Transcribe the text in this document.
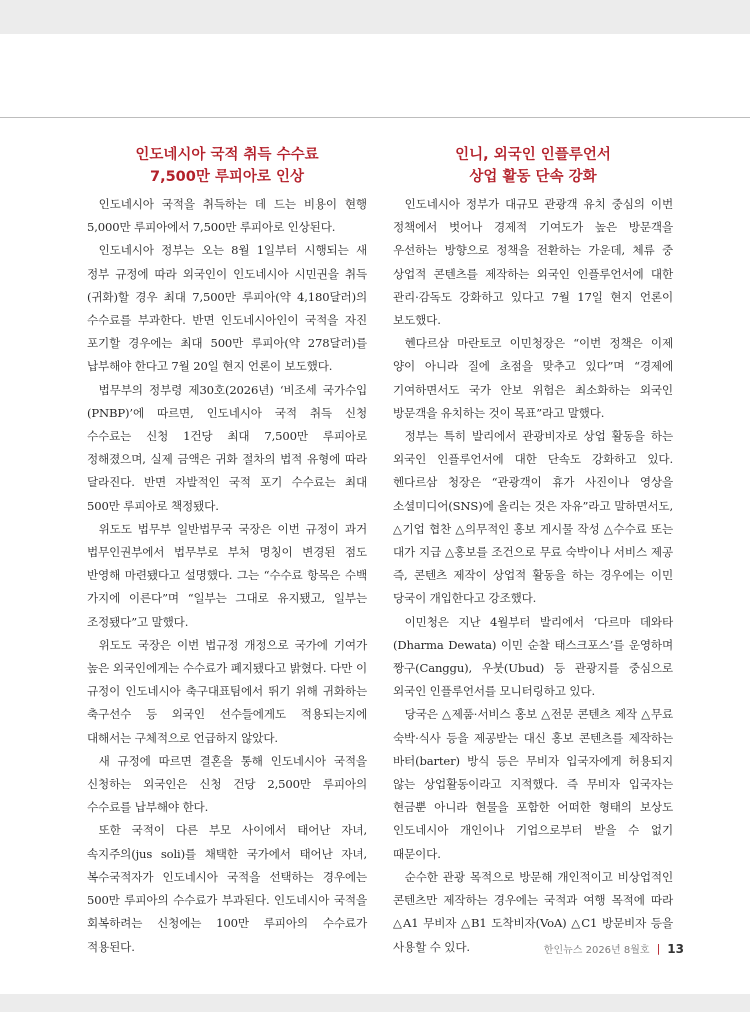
인도네시아 국적 취득 수수료
7,500만 루피아로 인상

인도네시아 국적을 취득하는 데 드는 비용이 현행 5,000만 루피아에서 7,500만 루피아로 인상된다.

인도네시아 정부는 오는 8월 1일부터 시행되는 새 정부 규정에 따라 외국인이 인도네시아 시민권을 취득(귀화)할 경우 최대 7,500만 루피아(약 4,180달러)의 수수료를 부과한다. 반면 인도네시아인이 국적을 자진 포기할 경우에는 최대 500만 루피아(약 278달러)를 납부해야 한다고 7월 20일 현지 언론이 보도했다.

법무부의 정부령 제30호(2026년) ‘비조세 국가수입(PNBP)’에 따르면, 인도네시아 국적 취득 신청 수수료는 신청 1건당 최대 7,500만 루피아로 정해졌으며, 실제 금액은 귀화 절차의 법적 유형에 따라 달라진다. 반면 자발적인 국적 포기 수수료는 최대 500만 루피아로 책정됐다.

위도도 법무부 일반법무국 국장은 이번 규정이 과거 법무인권부에서 법무부로 부처 명칭이 변경된 점도 반영해 마련됐다고 설명했다. 그는 “수수료 항목은 수백 가지에 이른다”며 “일부는 그대로 유지됐고, 일부는 조정됐다”고 말했다.

위도도 국장은 이번 법규정 개정으로 국가에 기여가 높은 외국인에게는 수수료가 폐지됐다고 밝혔다. 다만 이 규정이 인도네시아 축구대표팀에서 뛰기 위해 귀화하는 축구선수 등 외국인 선수들에게도 적용되는지에 대해서는 구체적으로 언급하지 않았다.

새 규정에 따르면 결혼을 통해 인도네시아 국적을 신청하는 외국인은 신청 건당 2,500만 루피아의 수수료를 납부해야 한다.

또한 국적이 다른 부모 사이에서 태어난 자녀, 속지주의(jus soli)를 채택한 국가에서 태어난 자녀, 복수국적자가 인도네시아 국적을 선택하는 경우에는 500만 루피아의 수수료가 부과된다. 인도네시아 국적을 회복하려는 신청에는 100만 루피아의 수수료가 적용된다.

인니, 외국인 인플루언서
상업 활동 단속 강화

인도네시아 정부가 대규모 관광객 유치 중심의 이번 정책에서 벗어나 경제적 기여도가 높은 방문객을 우선하는 방향으로 정책을 전환하는 가운데, 체류 중 상업적 콘텐츠를 제작하는 외국인 인플루언서에 대한 관리·감독도 강화하고 있다고 7월 17일 현지 언론이 보도했다.

헨다르삼 마란토코 이민청장은 “이번 정책은 이제 양이 아니라 질에 초점을 맞추고 있다”며 “경제에 기여하면서도 국가 안보 위험은 최소화하는 외국인 방문객을 유치하는 것이 목표”라고 말했다.

정부는 특히 발리에서 관광비자로 상업 활동을 하는 외국인 인플루언서에 대한 단속도 강화하고 있다. 헨다르삼 청장은 “관광객이 휴가 사진이나 영상을 소셜미디어(SNS)에 올리는 것은 자유”라고 말하면서도, △기업 협찬 △의무적인 홍보 게시물 작성 △수수료 또는 대가 지급 △홍보를 조건으로 무료 숙박이나 서비스 제공 즉, 콘텐츠 제작이 상업적 활동을 하는 경우에는 이민 당국이 개입한다고 강조했다.

이민청은 지난 4월부터 발리에서 ‘다르마 데와타(Dharma Dewata) 이민 순찰 태스크포스’를 운영하며 짱구(Canggu), 우붓(Ubud) 등 관광지를 중심으로 외국인 인플루언서를 모니터링하고 있다.

당국은 △제품·서비스 홍보 △전문 콘텐츠 제작 △무료 숙박·식사 등을 제공받는 대신 홍보 콘텐츠를 제작하는 바터(barter) 방식 등은 무비자 입국자에게 허용되지 않는 상업활동이라고 지적했다. 즉 무비자 입국자는 현금뿐 아니라 현물을 포함한 어떠한 형태의 보상도 인도네시아 개인이나 기업으로부터 받을 수 없기 때문이다.

순수한 관광 목적으로 방문해 개인적이고 비상업적인 콘텐츠만 제작하는 경우에는 국적과 여행 목적에 따라 △A1 무비자 △B1 도착비자(VoA) △C1 방문비자 등을 사용할 수 있다.	한인뉴스 2026년 8월호 | 13
